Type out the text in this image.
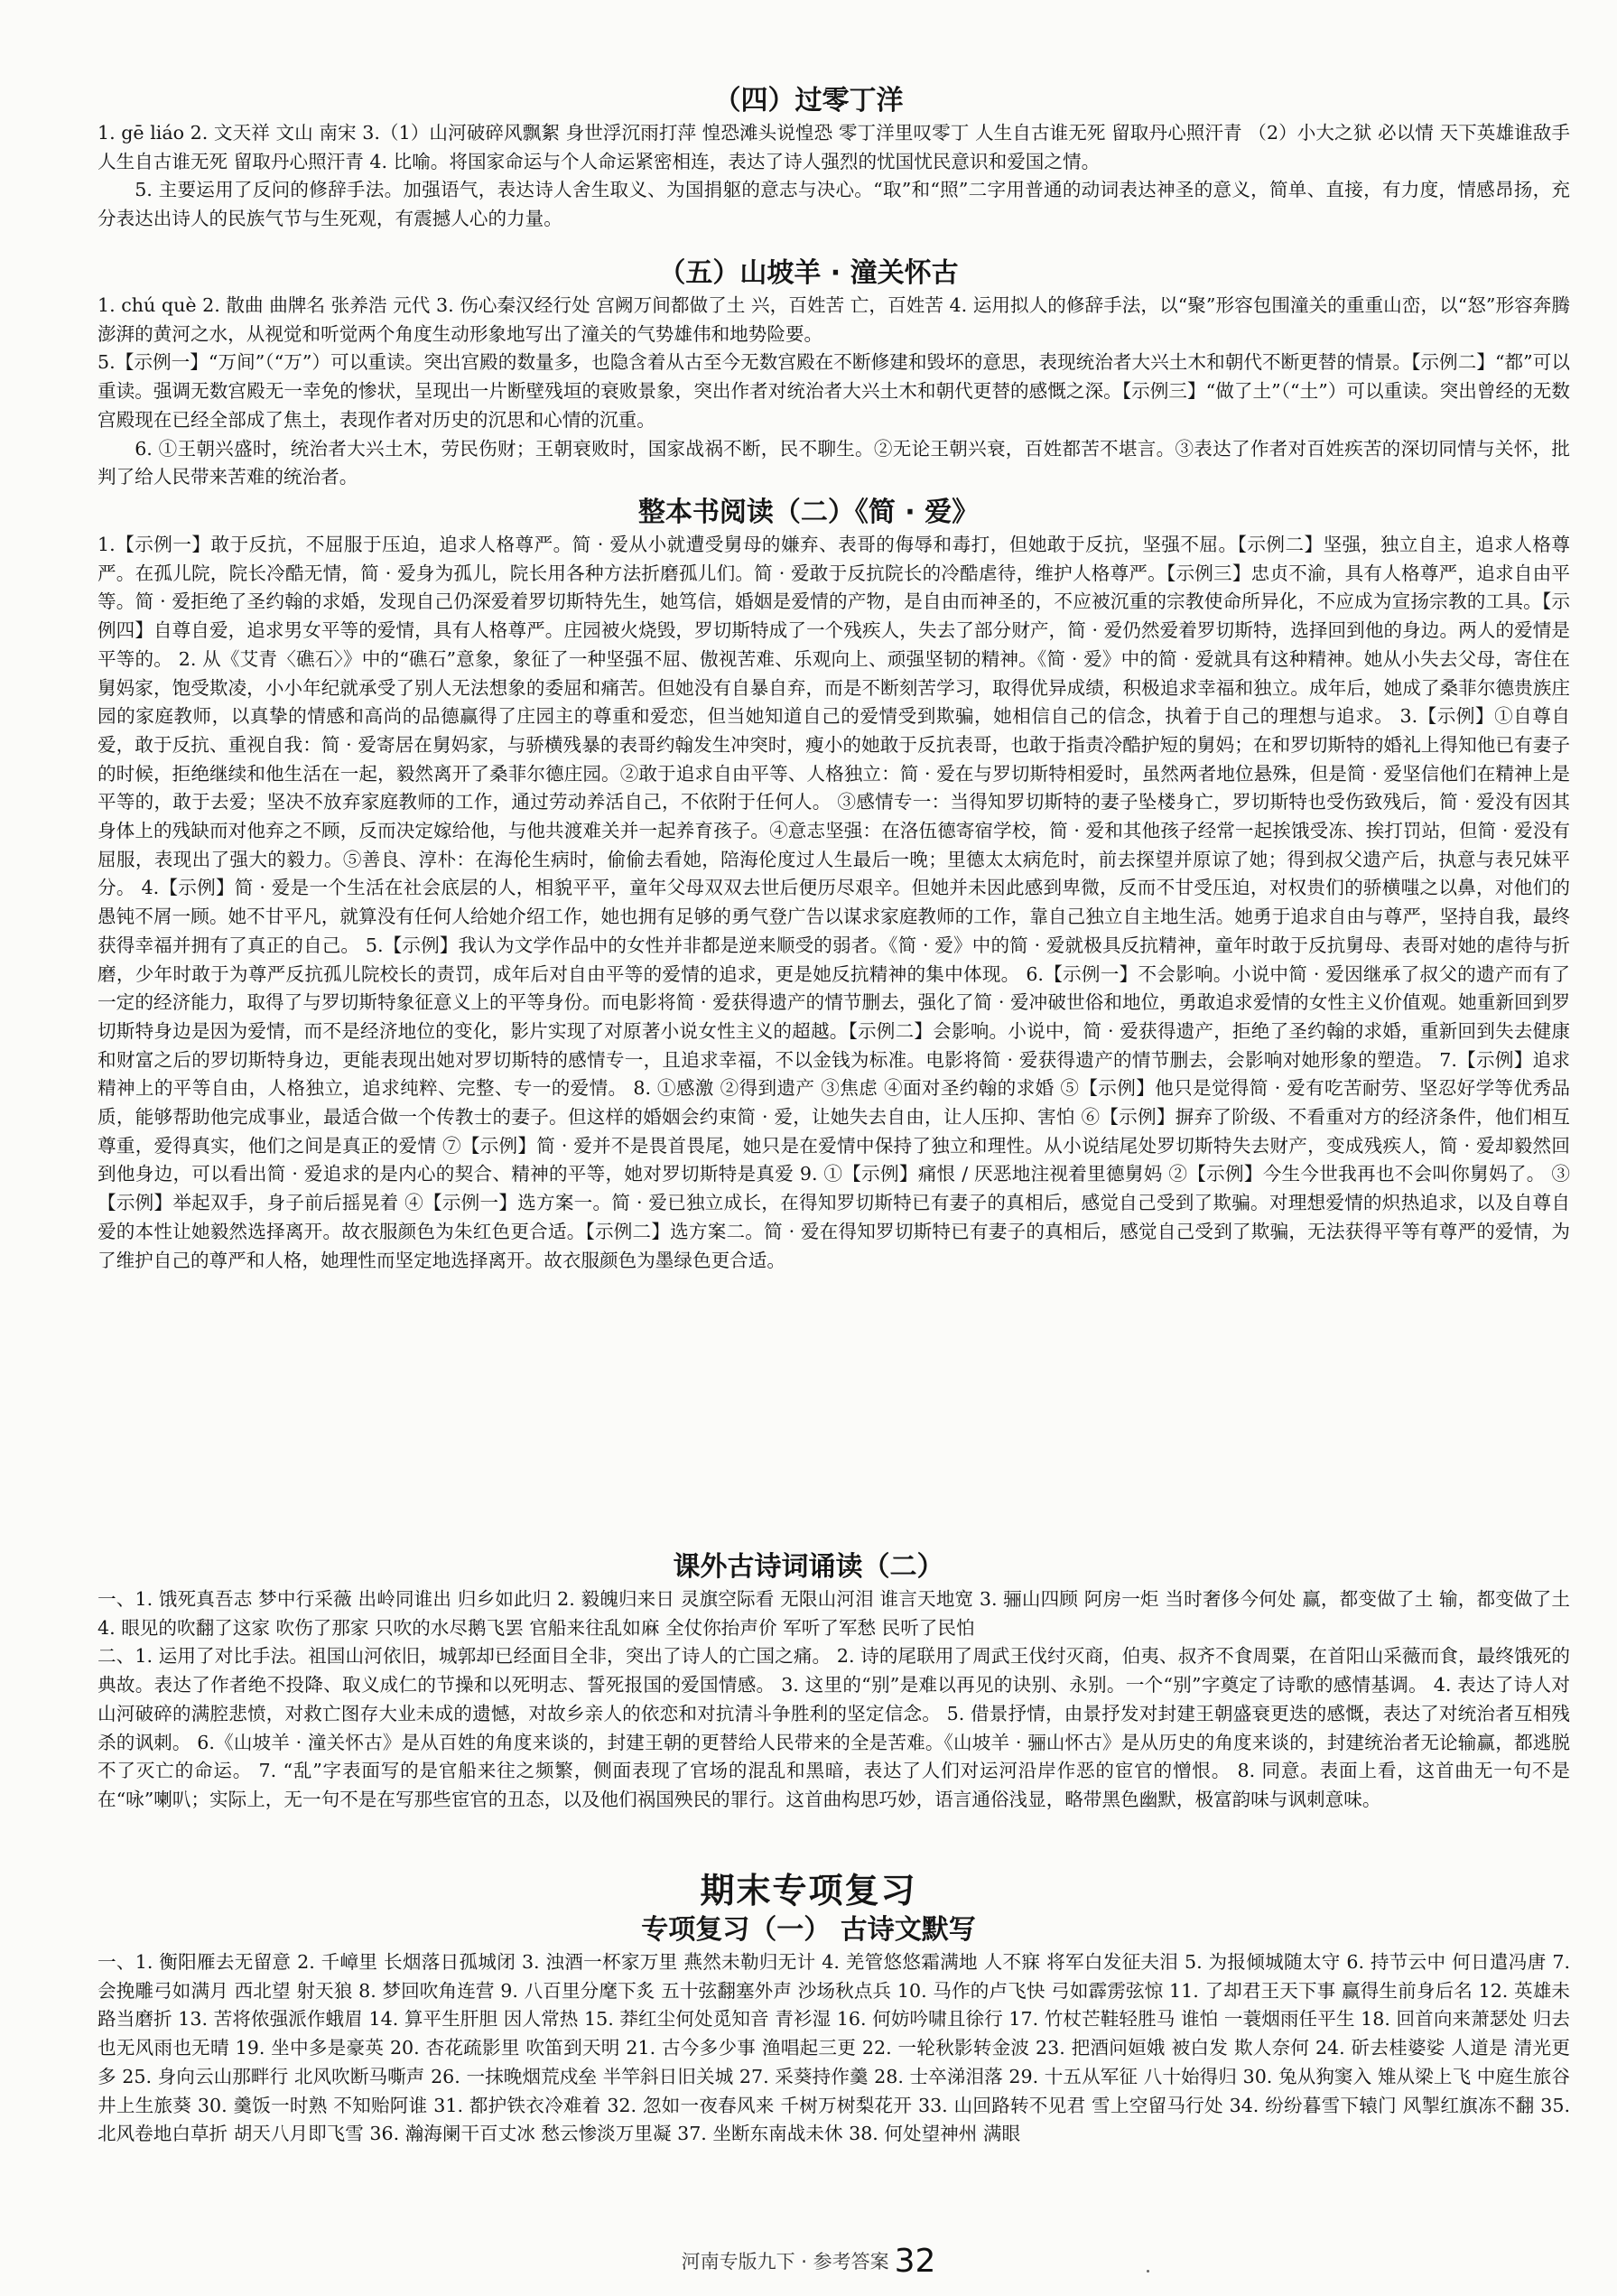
（四）过零丁洋

1. gē liáo 2. 文天祥 文山 南宋 3.（1）山河破碎风飘絮 身世浮沉雨打萍 惶恐滩头说惶恐 零丁洋里叹零丁 人生自古谁无死 留取丹心照汗青 （2）小大之狱 必以情 天下英雄谁敌手 人生自古谁无死 留取丹心照汗青 4. 比喻。将国家命运与个人命运紧密相连，表达了诗人强烈的忧国忧民意识和爱国之情。

5. 主要运用了反问的修辞手法。加强语气，表达诗人舍生取义、为国捐躯的意志与决心。“取”和“照”二字用普通的动词表达神圣的意义，简单、直接，有力度，情感昂扬，充分表达出诗人的民族气节与生死观，有震撼人心的力量。

（五）山坡羊 · 潼关怀古

1. chú què 2. 散曲 曲牌名 张养浩 元代 3. 伤心秦汉经行处 宫阙万间都做了土 兴，百姓苦 亡，百姓苦 4. 运用拟人的修辞手法，以“聚”形容包围潼关的重重山峦，以“怒”形容奔腾澎湃的黄河之水，从视觉和听觉两个角度生动形象地写出了潼关的气势雄伟和地势险要。

5.【示例一】“万间”（“万”）可以重读。突出宫殿的数量多，也隐含着从古至今无数宫殿在不断修建和毁坏的意思，表现统治者大兴土木和朝代不断更替的情景。【示例二】“都”可以重读。强调无数宫殿无一幸免的惨状，呈现出一片断壁残垣的衰败景象，突出作者对统治者大兴土木和朝代更替的感慨之深。【示例三】“做了土”（“土”）可以重读。突出曾经的无数宫殿现在已经全部成了焦土，表现作者对历史的沉思和心情的沉重。

6. ①王朝兴盛时，统治者大兴土木，劳民伤财；王朝衰败时，国家战祸不断，民不聊生。②无论王朝兴衰，百姓都苦不堪言。③表达了作者对百姓疾苦的深切同情与关怀，批判了给人民带来苦难的统治者。

整本书阅读（二）《简 · 爱》

1.【示例一】敢于反抗，不屈服于压迫，追求人格尊严。简 · 爱从小就遭受舅母的嫌弃、表哥的侮辱和毒打，但她敢于反抗，坚强不屈。【示例二】坚强，独立自主，追求人格尊严。在孤儿院，院长冷酷无情，简 · 爱身为孤儿，院长用各种方法折磨孤儿们。简 · 爱敢于反抗院长的冷酷虐待，维护人格尊严。【示例三】忠贞不渝，具有人格尊严，追求自由平等。简 · 爱拒绝了圣约翰的求婚，发现自己仍深爱着罗切斯特先生，她笃信，婚姻是爱情的产物，是自由而神圣的，不应被沉重的宗教使命所异化，不应成为宣扬宗教的工具。【示例四】自尊自爱，追求男女平等的爱情，具有人格尊严。庄园被火烧毁，罗切斯特成了一个残疾人，失去了部分财产，简 · 爱仍然爱着罗切斯特，选择回到他的身边。两人的爱情是平等的。 2. 从《艾青〈礁石〉》中的“礁石”意象，象征了一种坚强不屈、傲视苦难、乐观向上、顽强坚韧的精神。《简 · 爱》中的简 · 爱就具有这种精神。她从小失去父母，寄住在舅妈家，饱受欺凌，小小年纪就承受了别人无法想象的委屈和痛苦。但她没有自暴自弃，而是不断刻苦学习，取得优异成绩，积极追求幸福和独立。成年后，她成了桑菲尔德贵族庄园的家庭教师，以真挚的情感和高尚的品德赢得了庄园主的尊重和爱恋，但当她知道自己的爱情受到欺骗，她相信自己的信念，执着于自己的理想与追求。 3.【示例】①自尊自爱，敢于反抗、重视自我：简 · 爱寄居在舅妈家，与骄横残暴的表哥约翰发生冲突时，瘦小的她敢于反抗表哥，也敢于指责冷酷护短的舅妈；在和罗切斯特的婚礼上得知他已有妻子的时候，拒绝继续和他生活在一起，毅然离开了桑菲尔德庄园。②敢于追求自由平等、人格独立：简 · 爱在与罗切斯特相爱时，虽然两者地位悬殊，但是简 · 爱坚信他们在精神上是平等的，敢于去爱；坚决不放弃家庭教师的工作，通过劳动养活自己，不依附于任何人。 ③感情专一：当得知罗切斯特的妻子坠楼身亡，罗切斯特也受伤致残后，简 · 爱没有因其身体上的残缺而对他弃之不顾，反而决定嫁给他，与他共渡难关并一起养育孩子。④意志坚强：在洛伍德寄宿学校，简 · 爱和其他孩子经常一起挨饿受冻、挨打罚站，但简 · 爱没有屈服，表现出了强大的毅力。⑤善良、淳朴：在海伦生病时，偷偷去看她，陪海伦度过人生最后一晚；里德太太病危时，前去探望并原谅了她；得到叔父遗产后，执意与表兄妹平分。 4.【示例】简 · 爱是一个生活在社会底层的人，相貌平平，童年父母双双去世后便历尽艰辛。但她并未因此感到卑微，反而不甘受压迫，对权贵们的骄横嗤之以鼻，对他们的愚钝不屑一顾。她不甘平凡，就算没有任何人给她介绍工作，她也拥有足够的勇气登广告以谋求家庭教师的工作，靠自己独立自主地生活。她勇于追求自由与尊严，坚持自我，最终获得幸福并拥有了真正的自己。 5.【示例】我认为文学作品中的女性并非都是逆来顺受的弱者。《简 · 爱》中的简 · 爱就极具反抗精神，童年时敢于反抗舅母、表哥对她的虐待与折磨，少年时敢于为尊严反抗孤儿院校长的责罚，成年后对自由平等的爱情的追求，更是她反抗精神的集中体现。 6.【示例一】不会影响。小说中简 · 爱因继承了叔父的遗产而有了一定的经济能力，取得了与罗切斯特象征意义上的平等身份。而电影将简 · 爱获得遗产的情节删去，强化了简 · 爱冲破世俗和地位，勇敢追求爱情的女性主义价值观。她重新回到罗切斯特身边是因为爱情，而不是经济地位的变化，影片实现了对原著小说女性主义的超越。【示例二】会影响。小说中，简 · 爱获得遗产，拒绝了圣约翰的求婚，重新回到失去健康和财富之后的罗切斯特身边，更能表现出她对罗切斯特的感情专一，且追求幸福，不以金钱为标准。电影将简 · 爱获得遗产的情节删去，会影响对她形象的塑造。 7.【示例】追求精神上的平等自由，人格独立，追求纯粹、完整、专一的爱情。 8. ①感激 ②得到遗产 ③焦虑 ④面对圣约翰的求婚 ⑤【示例】他只是觉得简 · 爱有吃苦耐劳、坚忍好学等优秀品质，能够帮助他完成事业，最适合做一个传教士的妻子。但这样的婚姻会约束简 · 爱，让她失去自由，让人压抑、害怕 ⑥【示例】摒弃了阶级、不看重对方的经济条件，他们相互尊重，爱得真实，他们之间是真正的爱情 ⑦【示例】简 · 爱并不是畏首畏尾，她只是在爱情中保持了独立和理性。从小说结尾处罗切斯特失去财产，变成残疾人，简 · 爱却毅然回到他身边，可以看出简 · 爱追求的是内心的契合、精神的平等，她对罗切斯特是真爱 9. ①【示例】痛恨 / 厌恶地注视着里德舅妈 ②【示例】今生今世我再也不会叫你舅妈了。 ③【示例】举起双手，身子前后摇晃着 ④【示例一】选方案一。简 · 爱已独立成长，在得知罗切斯特已有妻子的真相后，感觉自己受到了欺骗。对理想爱情的炽热追求，以及自尊自爱的本性让她毅然选择离开。故衣服颜色为朱红色更合适。【示例二】选方案二。简 · 爱在得知罗切斯特已有妻子的真相后，感觉自己受到了欺骗，无法获得平等有尊严的爱情，为了维护自己的尊严和人格，她理性而坚定地选择离开。故衣服颜色为墨绿色更合适。

课外古诗词诵读（二）

一、1. 饿死真吾志 梦中行采薇 出岭同谁出 归乡如此归 2. 毅魄归来日 灵旗空际看 无限山河泪 谁言天地宽 3. 骊山四顾 阿房一炬 当时奢侈今何处 赢，都变做了土 输，都变做了土 4. 眼见的吹翻了这家 吹伤了那家 只吹的水尽鹅飞罢 官船来往乱如麻 全仗你抬声价 军听了军愁 民听了民怕

二、1. 运用了对比手法。祖国山河依旧，城郭却已经面目全非，突出了诗人的亡国之痛。 2. 诗的尾联用了周武王伐纣灭商，伯夷、叔齐不食周粟，在首阳山采薇而食，最终饿死的典故。表达了作者绝不投降、取义成仁的节操和以死明志、誓死报国的爱国情感。 3. 这里的“别”是难以再见的诀别、永别。一个“别”字奠定了诗歌的感情基调。 4. 表达了诗人对山河破碎的满腔悲愤，对救亡图存大业未成的遗憾，对故乡亲人的依恋和对抗清斗争胜利的坚定信念。 5. 借景抒情，由景抒发对封建王朝盛衰更迭的感慨，表达了对统治者互相残杀的讽刺。 6.《山坡羊 · 潼关怀古》是从百姓的角度来谈的，封建王朝的更替给人民带来的全是苦难。《山坡羊 · 骊山怀古》是从历史的角度来谈的，封建统治者无论输赢，都逃脱不了灭亡的命运。 7. “乱”字表面写的是官船来往之频繁，侧面表现了官场的混乱和黑暗，表达了人们对运河沿岸作恶的宦官的憎恨。 8. 同意。表面上看，这首曲无一句不是在“咏”喇叭；实际上，无一句不是在写那些宦官的丑态，以及他们祸国殃民的罪行。这首曲构思巧妙，语言通俗浅显，略带黑色幽默，极富韵味与讽刺意味。

期末专项复习
专项复习（一） 古诗文默写

一、1. 衡阳雁去无留意 2. 千嶂里 长烟落日孤城闭 3. 浊酒一杯家万里 燕然未勒归无计 4. 羌管悠悠霜满地 人不寐 将军白发征夫泪 5. 为报倾城随太守 6. 持节云中 何日遣冯唐 7. 会挽雕弓如满月 西北望 射天狼 8. 梦回吹角连营 9. 八百里分麾下炙 五十弦翻塞外声 沙场秋点兵 10. 马作的卢飞快 弓如霹雳弦惊 11. 了却君王天下事 赢得生前身后名 12. 英雄未路当磨折 13. 苦将侬强派作蛾眉 14. 算平生肝胆 因人常热 15. 莽红尘何处觅知音 青衫湿 16. 何妨吟啸且徐行 17. 竹杖芒鞋轻胜马 谁怕 一蓑烟雨任平生 18. 回首向来萧瑟处 归去 也无风雨也无晴 19. 坐中多是豪英 20. 杏花疏影里 吹笛到天明 21. 古今多少事 渔唱起三更 22. 一轮秋影转金波 23. 把酒问姮娥 被白发 欺人奈何 24. 斫去桂婆娑 人道是 清光更多 25. 身向云山那畔行 北风吹断马嘶声 26. 一抹晚烟荒戍垒 半竿斜日旧关城 27. 采葵持作羹 28. 士卒涕泪落 29. 十五从军征 八十始得归 30. 兔从狗窦入 雉从梁上飞 中庭生旅谷 井上生旅葵 30. 羹饭一时熟 不知贻阿谁 31. 都护铁衣冷难着 32. 忽如一夜春风来 千树万树梨花开 33. 山回路转不见君 雪上空留马行处 34. 纷纷暮雪下辕门 风掣红旗冻不翻 35. 北风卷地白草折 胡天八月即飞雪 36. 瀚海阑干百丈冰 愁云惨淡万里凝 37. 坐断东南战未休 38. 何处望神州 满眼

河南专版九下 · 参考答案 32
